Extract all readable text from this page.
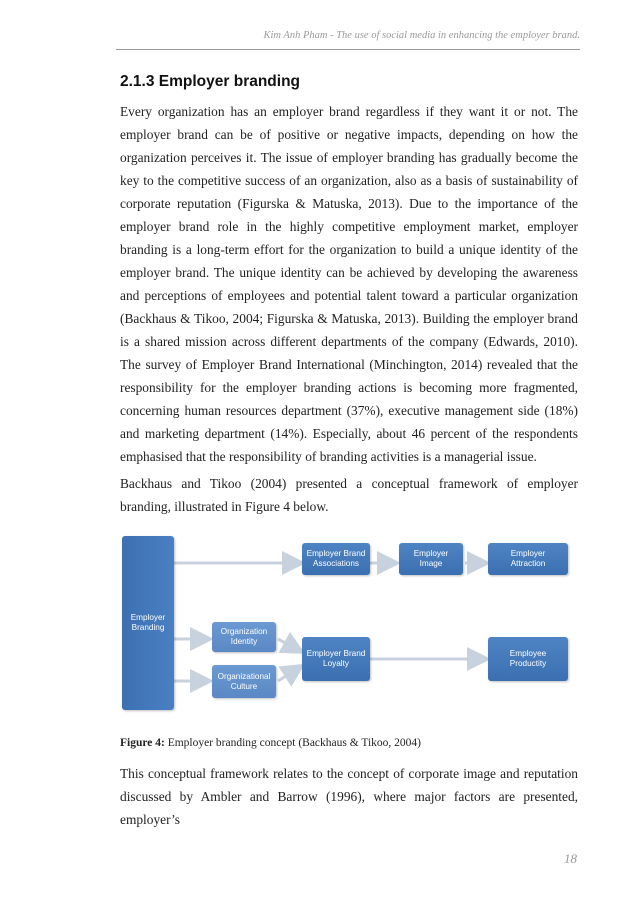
Kim Anh Pham - The use of social media in enhancing the employer brand.
2.1.3 Employer branding

Every organization has an employer brand regardless if they want it or not. The employer brand can be of positive or negative impacts, depending on how the organization perceives it. The issue of employer branding has gradually become the key to the competitive success of an organization, also as a basis of sustainability of corporate reputation (Figurska & Matuska, 2013). Due to the importance of the employer brand role in the highly competitive employment market, employer branding is a long-term effort for the organization to build a unique identity of the employer brand. The unique identity can be achieved by developing the awareness and perceptions of employees and potential talent toward a particular organization (Backhaus & Tikoo, 2004; Figurska & Matuska, 2013). Building the employer brand is a shared mission across different departments of the company (Edwards, 2010). The survey of Employer Brand International (Minchington, 2014) revealed that the responsibility for the employer branding actions is becoming more fragmented, concerning human resources department (37%), executive management side (18%) and marketing department (14%). Especially, about 46 percent of the respondents emphasised that the responsibility of branding activities is a managerial issue.

Backhaus and Tikoo (2004) presented a conceptual framework of employer branding, illustrated in Figure 4 below.

Employer
Branding
Employer Brand
Associations
Employer
Image
Employer
Attraction
Organization
Identity
Organizational
Culture
Employer Brand
Loyalty
Employee
Productity
Figure 4: Employer branding concept (Backhaus & Tikoo, 2004)

This conceptual framework relates to the concept of corporate image and reputation discussed by Ambler and Barrow (1996), where major factors are presented, employer’s

18
